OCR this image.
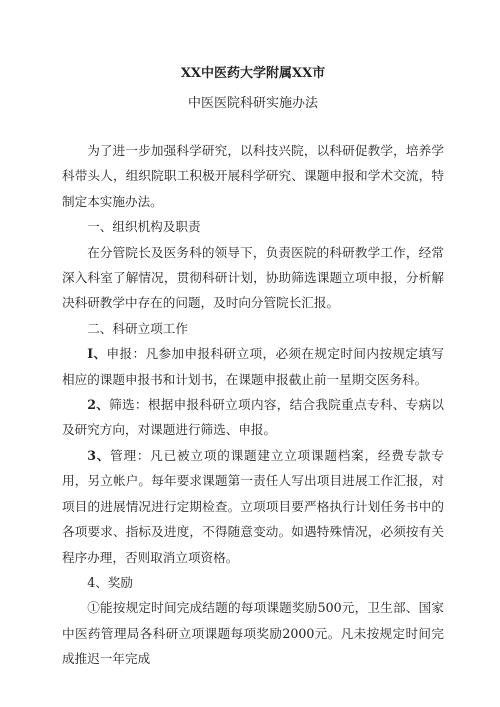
XX中医药大学附属XX市

中医医院科研实施办法

为了进一步加强科学研究，以科技兴院，以科研促教学，培养学科带头人，组织院职工积极开展科学研究、课题申报和学术交流，特制定本实施办法。

一、组织机构及职责

在分管院长及医务科的领导下，负责医院的科研教学工作，经常深入科室了解情况，贯彻科研计划，协助筛选课题立项申报，分析解决科研教学中存在的问题，及时向分管院长汇报。

二、科研立项工作

I、申报：凡参加申报科研立项，必须在规定时间内按规定填写相应的课题申报书和计划书，在课题申报截止前一星期交医务科。

2、筛选：根据申报科研立项内容，结合我院重点专科、专病以及研究方向，对课题进行筛选、申报。

3、管理：凡已被立项的课题建立立项课题档案，经费专款专用，另立帐户。每年要求课题第一责任人写出项目进展工作汇报，对项目的进展情况进行定期检查。立项项目要严格执行计划任务书中的各项要求、指标及进度，不得随意变动。如遇特殊情况，必须按有关程序办理，否则取消立项资格。

4、奖励

①能按规定时间完成结题的每项课题奖励500元，卫生部、国家中医药管理局各科研立项课题每项奖励2000元。凡未按规定时间完成推迟一年完成
